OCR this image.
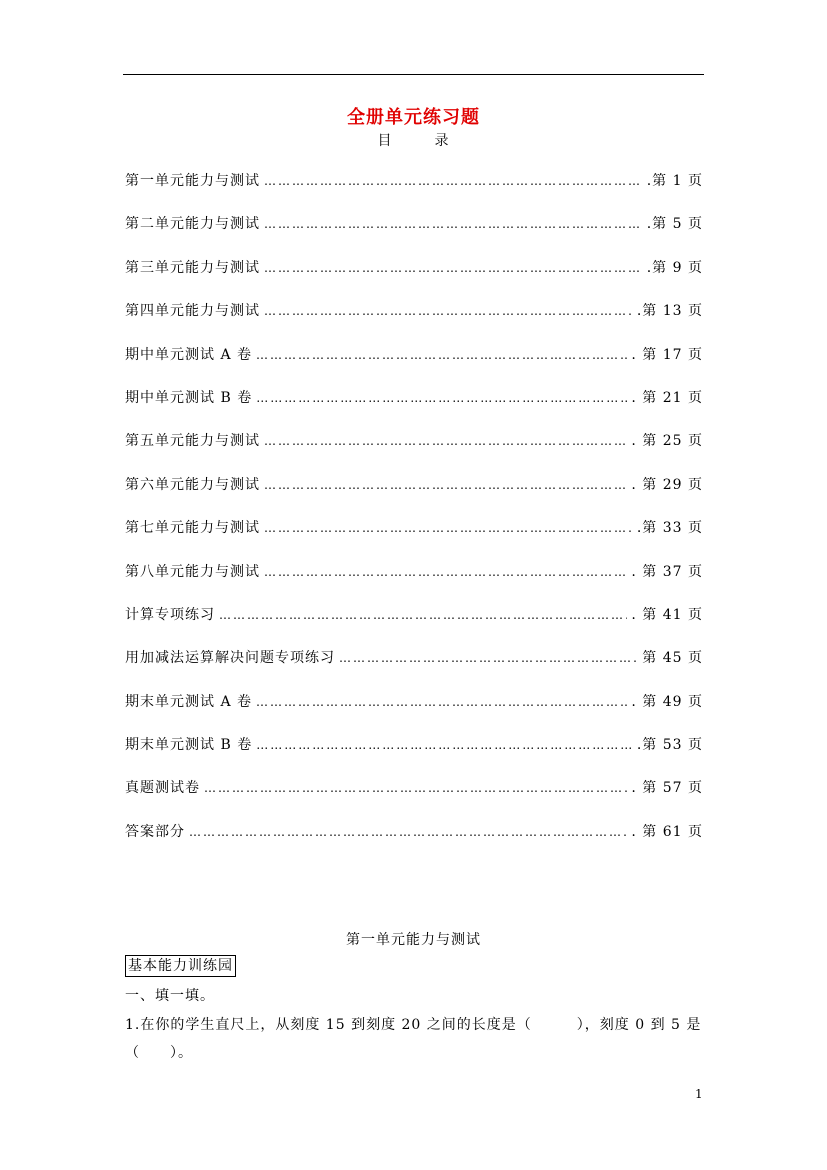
全册单元练习题
目	录
第一单元能力与测试 …………………………………………………………………………………………………………………………	.第 1 页
第二单元能力与测试 …………………………………………………………………………………………………………………………	.第 5 页
第三单元能力与测试 …………………………………………………………………………………………………………………………	.第 9 页
第四单元能力与测试 …………………………………………………………………………………………………………………………	.第 13 页
期中单元测试 A 卷 …………………………………………………………………………………………………………………………	. 第 17 页
期中单元测试 B 卷 …………………………………………………………………………………………………………………………	. 第 21 页
第五单元能力与测试 …………………………………………………………………………………………………………………………	. 第 25 页
第六单元能力与测试 …………………………………………………………………………………………………………………………	. 第 29 页
第七单元能力与测试 …………………………………………………………………………………………………………………………	.第 33 页
第八单元能力与测试 …………………………………………………………………………………………………………………………	. 第 37 页
计算专项练习 …………………………………………………………………………………………………………………………	. 第 41 页
用加减法运算解决问题专项练习 …………………………………………………………………………………………………………………………	第 45 页
期末单元测试 A 卷 …………………………………………………………………………………………………………………………	. 第 49 页
期末单元测试 B 卷 …………………………………………………………………………………………………………………………	.第 53 页
真题测试卷 …………………………………………………………………………………………………………………………	. 第 57 页
答案部分 …………………………………………………………………………………………………………………………	. 第 61 页
第一单元能力与测试
基本能力训练园
一、填一填。
1.在你的学生直尺上，从刻度 15 到刻度 20 之间的长度是（　　　），刻度 0 到 5 是（　　）。
1
